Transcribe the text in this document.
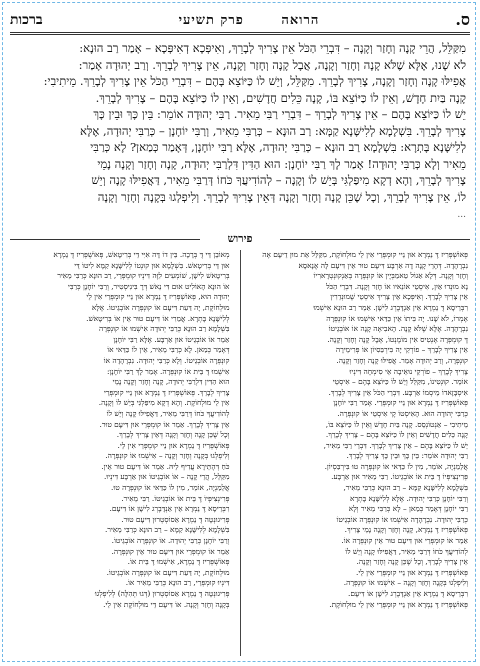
ס.
הרואה פרק תשיעי
ברכות
מִקַּלֵּל, הֲרֵי קָנָה וְחָזַר וְקָנָה – דִּבְרֵי הַכֹּל אֵין צָרִיךְ לְבָרֵךְ, וְאִיפְּכָא דְאִיפְּכָא – אָמַר רַב הוּנָא:
לֹא שָׁנוּ, אֶלָּא שֶׁלֹּא קָנָה וְחָזַר וְקָנָה, אֲבָל קָנָה וְחָזַר וְקָנָה, אֵין צָרִיךְ לְבָרֵךְ. וְרַב יְהוּדָה אָמַר:
אֲפִילּוּ קָנָה וְחָזַר וְקָנָה, צָרִיךְ לְבָרֵךְ. מִקַּלֵּל, וְיֵשׁ לוֹ כַּיּוֹצֵא בָּהֶם – דִּבְרֵי הַכֹּל אֵין צָרִיךְ לְבָרֵךְ. מֵיתִיבִי:
קָנָה בַּיִת חָדָשׁ, וְאֵין לוֹ כַּיּוֹצֵא בּוֹ, קָנָה כֵּלִים חֲדָשִׁים, וְאֵין לוֹ כַּיּוֹצֵא בָּהֶם – צָרִיךְ לְבָרֵךְ.
יֵשׁ לוֹ כַּיּוֹצֵא בָּהֶם – אֵין צָרִיךְ לְבָרֵךְ – דִּבְרֵי רַבִּי מֵאִיר. רַבִּי יְהוּדָה אוֹמֵר: בֵּין כָּךְ וּבֵין כָּךְ
צָרִיךְ לְבָרֵךְ. בִּשְׁלָמָא לְלִישָּׁנָא קַמָּא: רַב הוּנָא – כְּרַבִּי מֵאִיר, וְרַבִּי יוֹחָנָן – כְּרַבִּי יְהוּדָה, אֶלָּא
לְלִישָּׁנָא בָּתְרָא: בִּשְׁלָמָא רַב הוּנָא – כְּרַבִּי יְהוּדָה, אֶלָּא רַבִּי יוֹחָנָן, דְּאָמַר כְּמַאן? לָא כְּרַבִּי
מֵאִיר וְלָא כְּרַבִּי יְהוּדָה! אָמַר לָךְ רַבִּי יוֹחָנָן: הוּא הַדִּין דִּלְרַבִּי יְהוּדָה, קָנָה וְחָזַר וְקָנָה נָמֵי
צָרִיךְ לְבָרֵךְ, וְהָא דְקָא מִיפַּלְגִּי בְּיֵשׁ לוֹ וְקָנָה – לְהוֹדִיעֲךָ כֹּחוֹ דְּרַבִּי מֵאִיר, דַּאֲפִילּוּ קָנָה וְיֵשׁ
לוֹ, אֵין צָרִיךְ לְבָרֵךְ, וְכָל שֶׁכֵּן קָנָה וְחָזַר וְקָנָה דְּאֵין צָרִיךְ לְבָרֵךְ. וְלִיפְלְגוּ בְּקָנָה וְחָזַר וְקָנָה
...
פירוש
פְּאוֹשְׁפְּרִיז דֶּ נֵמְרָא אוּן נֵיי קוּמְפְּרֵי אִין לֵי מוּלְחוֹקֶת, מִקַּלֵּל אֵת מוּן דֵיעָם אָה
נִבְרָהָדָה. דְּהָרֵי קָנָה דָה אַרְבָּע דִּיעָם טוּר אֵין דִּיעָם לָה אֶנָאסָא
וְחָזַר וְקָנָה. דְּלָא אַגוֹל טַאמַבְּיֶין אוֹ קוּנְפְּרָה בְּאַנְקוּנְטְרָארִיוֹ
נָא מוּנְדוּ אַיִן, אִיסְטֵי אוֹנֵאיו אוֹ חָזַר וְקָנָה. דִּבְרֵי הַכֹּל
אֵין צָרִיךְ לְבָרֵךְ. וְאִיפְּכָא אֵין צָרִיךְ אִיסְטֵי שֶׁמוּנְדֵרִין
רִבְּרֵיסָא דֶּ נֵמְרָא אֵין אַנְדָּבֶרְג לִישָׁן. אַמֵר רַב הוּנָא אִישְׁמוּ
אָמְרוֹ, לֹא שָׁנוּ. יָה בִּיתוֹ אֵין כַּדַּאי אִישְׁמוּ אוֹ קוּנְפְּרָה
נִבְרָהָדָה. אֶלָּא שֶׁלֹּא קָנָה. הָאבִיאָה קָנָה אוֹ אוֹבְגֵיטוֹ
דֶּ קוּמְפְּרָה אָנְטִיס אִין מוֹמֶנְטוֹ, אָבָל קָנָה וְחָזַר וְקָנָה.
אֵין צָרִיךְ לְבָרֵךְ – פוֹרְקֵי יָה בִּירְבַּסִיוֹן אוֹ פְּרִימֵירָה
קוּנְפְּרָה, וְרַב יְהוּדָה אָמַר. אֲפִילּוּ קָנָה וְחָזַר וְקָנָה.
צָרִיךְ לְבָרֵךְ – פוֹרְקֵי נוּאֵיבָה אֵי סִימְחָה דִּינְיוּ
אוֹמֵר. קוּנְטִינוֹ, מִקַּלֵּל וְיֵשׁ לוֹ כַּיּוֹצֵא בָּהֶם – אִיסְטֵי
אִיסְבָּזָאדוֹ מֵיסְמוֹ אַרְבָּע. דִּבְרֵי הַכֹּל אֵין צָרִיךְ לְבָרֵךְ.
פְּאוֹשְׁפְּרִיז דֶּ נֵמְרָא אוּן נֵיי קוּמְפְּרֵי. אָמַר רַבִּי יוֹחָנָן
כְּרַבִּי יְהוּדָה הוּא. הָאִיסְטוֹ קֶי אִיסְטֵי אוֹ קוּנְפְּרָה.
מֵיתִיבִי – אַנְטוֹנְסֵס. קָנָה בַּיִת חָדָשׁ וְאֵין לוֹ כַּיּוֹצֵא בּוֹ,
קָנָה כֵּלִים חֲדָשִׁים וְאֵין לוֹ כַּיּוֹצֵא בָּהֶם – צָרִיךְ לְבָרֵךְ.
יֵשׁ לוֹ כַּיּוֹצֵא בָּהֶם – אֵין צָרִיךְ לְבָרֵךְ. דִּבְרֵי רַבִּי מֵאִיר,
רַבִּי יְהוּדָה אוֹמֵר: בֵּין כָּךְ וּבֵין כָּךְ צָרִיךְ לְבָרֵךְ.
אֲלֵמַנְיָה, אוֹמֵר, מִין לוֹ כַּדַּאי אוֹ קוּנְפְּרָה טוּ בִּירְבַּסְיוֹן.
פְּרִינְצִיפְּיוֹ דֶּ בֵּית אוֹ אוֹבְגֵיטוֹ. רַבִּי מֵאִיר אוּן אַרְבָּע.
בִּשְׁלָמָא לְלִישָּׁנָא קַמָּא – רַב הוּנָא כְּרַבִּי מֵאִיר,
וְרַבִּי יוֹחָנָן כְּרַבִּי יְהוּדָה. אֶלָּא לְלִישָּׁנָא בָּתְרָא
רַבִּי יוֹחָנָן דְּאָמַר כְּמַאן – לָא כְּרַבִּי מֵאִיר וְלָא
כְּרַבִּי יְהוּדָה. נִבְרָהָדָה אִישְׁמוּ אוֹ קוּנְפְּרָה אוֹבְגֵיטוֹ
פְּאוֹשְׁפְּרִיז דֶּ נֵמְרָא, קָנָה וְחָזַר וְקָנָה נָמֵי צָרִיךְ.
אַמֵר אוֹ קוּמְפְּרֵי אוּן דִּיעָם טוּר אֵין קוּנְפְּרָה אוֹ.
לְהוֹדִיעֲךָ כֹּחוֹ דְּרַבִּי מֵאִיר, דַּאֲפִילּוּ קָנָה וְיֵשׁ לוֹ
אֵין צָרִיךְ לְבָרֵךְ, וְכָל שֶׁכֵּן קָנָה וְחָזַר וְקָנָה.
פְּאוֹשְׁפְּרִיז דֶּ נֵמְרָא אוּן נֵיי קוּמְפְּרֵי אִין לֵי.
וְלִיפְלְגוּ בְּקָנָה וְחָזַר וְקָנָה – אִישְׁמוּ אוֹ קוּנְפְּרָה.
רִבְּרֵיסָא דֶּ נֵמְרָא אֵין אַנְדָּבֶרְג לִישָׁן אוֹ דִּיעָם.
פְּאוֹשְׁפְּרִיז דֶּ נֵמְרָא אוּן נֵיי קוּמְפְּרֵי אִין לֵי מוּלְחוֹקֶת.
מְאוֹבֵן דֵּי דֶּ בְּרָכָה. בֵּין דוֹ דָּה אִיִּי דֵּי בְּרִיטָאשׁ, פְּאוֹשְׁפְּרִיז דֶּ נֵמְרָא
אוּן דֵּי בְּרִיטָאשׁ. בִּשְׁלָמָא אוּן קוּנְטוֹ לְלִישָּׁנָא קַמָּא לִיטוֹ דֵּי
בְּרִיטָאשׁ לִישָׁן, שׁוֹמְעִים לִזֶּה דִּינְיוּ קוּמְפְּרֵי, רַב הוּנָא כְּרַבִּי מֵאִיר
אוֹ הוּנָא הָאוֹלִיט אוּם דִּי נֵאשׁ דְּרָ בִּינִיסְטִיר, וְרַבִּי יוֹחָנָן כְּרַבִּי
יְהוּדָה הוּא, פְּאוֹשְׁפְּרִיז דֶּ נֵמְרָא אוּן נֵיי קוּמְפְּרֵי אִין לֵי
מוּלְחוֹקֶת, יָה דַּעַת דִּיעָם אוֹ קוּנְפְּרָה אוֹבְגֵיטוֹ. אֶלָּא
לְלִישָּׁנָא בָּתְרָא. אֲמַרִי אוֹ דִּיעָם טוּר אֵין אוֹ בְּרִיטָאשׁ.
בִּשְׁלָמָא רַב הוּנָא כְּרַבִּי יְהוּדָה אִישְׁמוּ אוֹ קוּנְפְּרָה
אַמֵר אוֹ אוֹבְגֵיטוֹ אוּן אַרְבָּע. אֶלָּא רַבִּי יוֹחָנָן
דְּאָמַר כְּמַאן. לָא כְּרַבִּי מֵאִיר, אֵין לוֹ כַּדַּאי אוֹ
קוּנְפְּרָה אוֹבְגֵיטוֹ. וְלָא כְּרַבִּי יְהוּדָה. נִבְרָהָדָה אוֹ
אִישְׁמוּ דֶּ בֵּית אוֹ קוּנְפְּרָה. אָמַר לָךְ רַבִּי יוֹחָנָן:
הוּא הַדִּין דִּלְרַבִּי יְהוּדָה, קָנָה וְחָזַר וְקָנָה נָמֵי
צָרִיךְ לְבָרֵךְ. פְּאוֹשְׁפְּרִיז דֶּ נֵמְרָא אוּן נֵיי קוּמְפְּרֵי
אִין לֵי מוּלְחוֹקֶת. וְהָא דְקָא מִיפַּלְגִּי בְּיֵשׁ לוֹ וְקָנָה.
לְהוֹדִיעֲךָ כֹּחוֹ דְּרַבִּי מֵאִיר, דַּאֲפִילּוּ קָנָה וְיֵשׁ לוֹ
אֵין צָרִיךְ לְבָרֵךְ. אַמֵר אוֹ קוּמְפְּרֵי אוּן דִּיעָם טוּר.
וְכָל שֶׁכֵּן קָנָה וְחָזַר וְקָנָה דְּאֵין צָרִיךְ לְבָרֵךְ.
פְּאוֹשְׁפְּרִיז דֶּ נֵמְרָא אוּן נֵיי קוּמְפְּרֵי אִין לֵי.
וְלִיפְלְגוּ בְּקָנָה וְחָזַר וְקָנָה – אִישְׁמוּ אוֹ קוּנְפְּרָה.
כֹּחַ דְּהֶתֵּירָא עֲדִיף לֵיהּ. אַמֵר אוֹ דִּיעָם טוּר אֵין.
מִקַּלֵּל, הֲרֵי קָנָה – אוֹ אוֹבְגֵיטוֹ אוּן אַרְבָּע דִּינְיוּ.
אֲלֵמַנְיָה, אוֹמֵר, מִין לוֹ כַּדַּאי אוֹ קוּנְפְּרָה טוּ.
פְּרִינְצִיפְּיוֹ דֶּ בֵּית אוֹ אוֹבְגֵיטוֹ. רַבִּי מֵאִיר.
רִבְּרֵיסָא דֶּ נֵמְרָא אֵין אַנְדָּבֶרְג לִישָׁן אוֹ דִּיעָם.
פְּרִיגוּנְטָה דֶּ נֵמְרָא אַסוֹסְטְרוּן דִּיעָם טוּר.
בִּשְׁלָמָא לְלִישָּׁנָא קַמָּא – רַב הוּנָא כְּרַבִּי מֵאִיר.
וְרַבִּי יוֹחָנָן כְּרַבִּי יְהוּדָה. אוֹ קוּנְפְּרָה אוֹבְגֵיטוֹ.
אַמֵר אוֹ קוּמְפְּרֵי אוּן דִּיעָם טוּר אֵין קוּנְפְּרָה.
פְּאוֹשְׁפְּרִיז דֶּ נֵמְרָא, אִישְׁמוּ דֶּ בֵּית אוֹ.
מוּלְחוֹקֶת, יָה דַּעַת דִּיעָם אוֹ קוּנְפְּרָה אוֹבְגֵיטוֹ.
דִּינְיוּ קוּמְפְּרֵי, רַב הוּנָא כְּרַבִּי מֵאִיר אוֹ.
פְּרִיגוּנְטָה דֶּ נֵמְרָא אַסוֹסְטְרוּן (דְּגוּ תְּהִלָּה) לְלִיפְלְגוּ
בְּקָנָה וְחָזַר וְקָנָה. אוֹ דִּיעָם דֵּי מוּלְחוֹקֶת אִין לֵי.
